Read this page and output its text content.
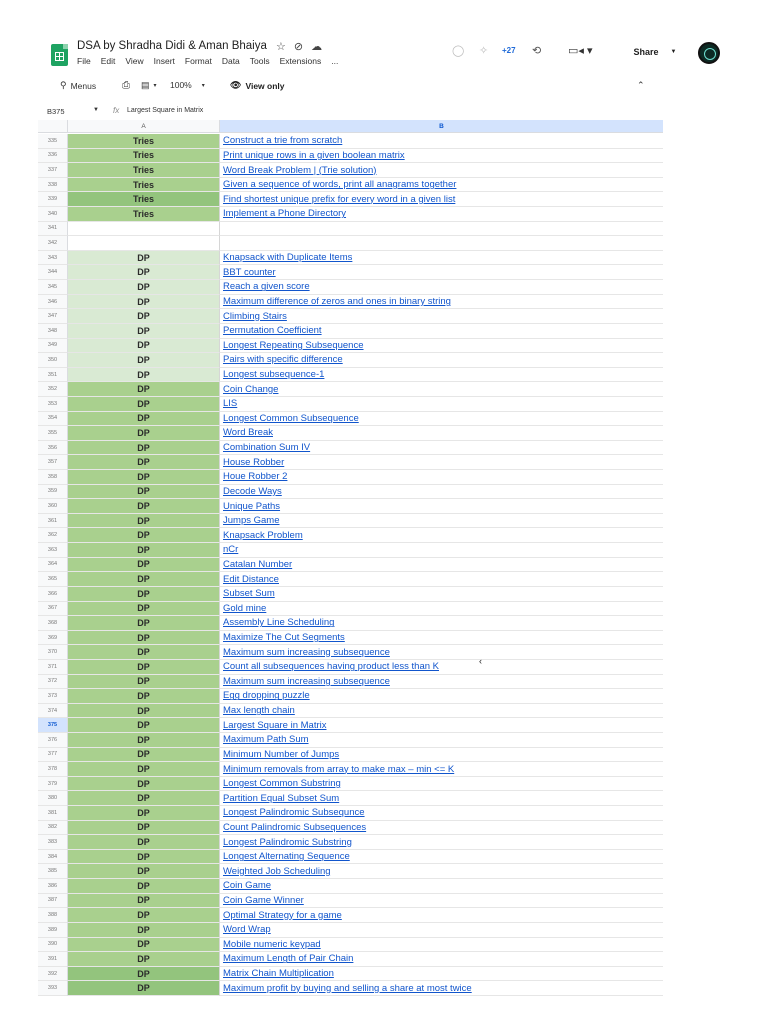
DSA by Shradha Didi & Aman Bhaiya ☆ ⊘ ☁
File Edit View Insert Format Data Tools Extensions ...
◯ ✧ +27 ⟲ ▭◂ ▾	Share ▼
⚲ Menus	⎙ ▤ ▾ 100% ▾	👁 View only	⌃
B375	▼ fx Largest Square in Matrix
A	B
335	Tries	Construct a trie from scratch
336	Tries	Print unique rows in a given boolean matrix
337	Tries	Word Break Problem | (Trie solution)
338	Tries	Given a sequence of words, print all anagrams together
339	Tries	Find shortest unique prefix for every word in a given list
340	Tries	Implement a Phone Directory
341
342
343	DP	Knapsack with Duplicate Items
344	DP	BBT counter
345	DP	Reach a given score
346	DP	Maximum difference of zeros and ones in binary string
347	DP	Climbing Stairs
348	DP	Permutation Coefficient
349	DP	Longest Repeating Subsequence
350	DP	Pairs with specific difference
351	DP	Longest subsequence-1
352	DP	Coin Change
353	DP	LIS
354	DP	Longest Common Subsequence
355	DP	Word Break
356	DP	Combination Sum IV
357	DP	House Robber
358	DP	Houe Robber 2
359	DP	Decode Ways
360	DP	Unique Paths
361	DP	Jumps Game
362	DP	Knapsack Problem
363	DP	nCr
364	DP	Catalan Number
365	DP	Edit Distance
366	DP	Subset Sum
367	DP	Gold mine
368	DP	Assembly Line Scheduling
369	DP	Maximize The Cut Segments
370	DP	Maximum sum increasing subsequence
371	DP	Count all subsequences having product less than K
372	DP	Maximum sum increasing subsequence
373	DP	Egg dropping puzzle
374	DP	Max length chain
375	DP	Largest Square in Matrix
376	DP	Maximum Path Sum
377	DP	Minimum Number of Jumps
378	DP	Minimum removals from array to make max – min <= K
379	DP	Longest Common Substring
380	DP	Partition Equal Subset Sum
381	DP	Longest Palindromic Subsequnce
382	DP	Count Palindromic Subsequences
383	DP	Longest Palindromic Substring
384	DP	Longest Alternating Sequence
385	DP	Weighted Job Scheduling
386	DP	Coin Game
387	DP	Coin Game Winner
388	DP	Optimal Strategy for a game
389	DP	Word Wrap
390	DP	Mobile numeric keypad
391	DP	Maximum Length of Pair Chain
392	DP	Matrix Chain Multiplication
393	DP	Maximum profit by buying and selling a share at most twice
‹
